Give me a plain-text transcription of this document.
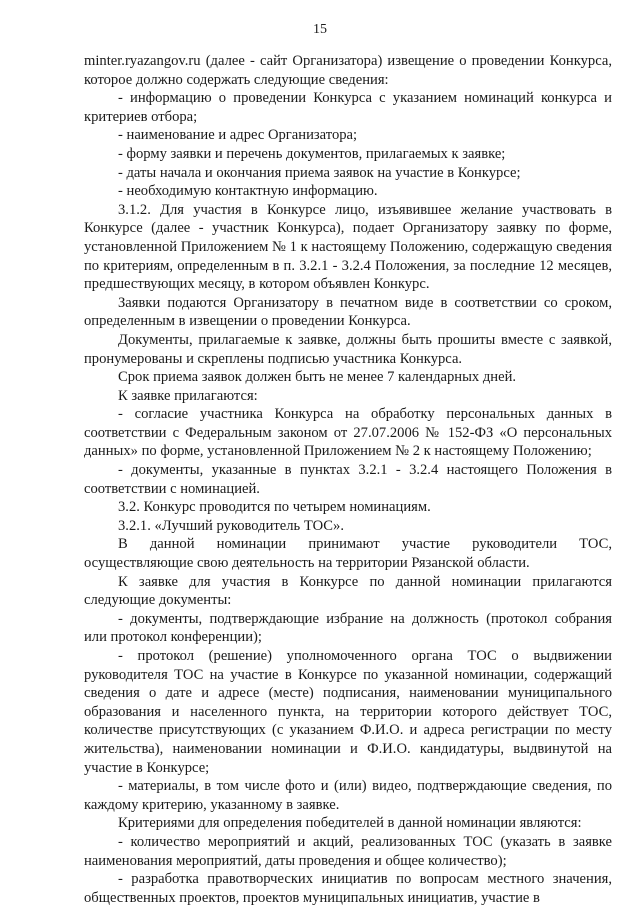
15

minter.ryazangov.ru (далее - сайт Организатора) извещение о проведении Конкурса, которое должно содержать следующие сведения:

- информацию о проведении Конкурса с указанием номинаций конкурса и критериев отбора;

- наименование и адрес Организатора;

- форму заявки и перечень документов, прилагаемых к заявке;

- даты начала и окончания приема заявок на участие в Конкурсе;

- необходимую контактную информацию.

3.1.2. Для участия в Конкурсе лицо, изъявившее желание участвовать в Конкурсе (далее - участник Конкурса), подает Организатору заявку по форме, установленной Приложением № 1 к настоящему Положению, содержащую сведения по критериям, определенным в п. 3.2.1 - 3.2.4 Положения, за последние 12 месяцев, предшествующих месяцу, в котором объявлен Конкурс.

Заявки подаются Организатору в печатном виде в соответствии со сроком, определенным в извещении о проведении Конкурса.

Документы, прилагаемые к заявке, должны быть прошиты вместе с заявкой, пронумерованы и скреплены подписью участника Конкурса.

Срок приема заявок должен быть не менее 7 календарных дней.

К заявке прилагаются:

- согласие участника Конкурса на обработку персональных данных в соответствии с Федеральным законом от 27.07.2006 № 152-ФЗ «О персональных данных» по форме, установленной Приложением № 2 к настоящему Положению;

- документы, указанные в пунктах 3.2.1 - 3.2.4 настоящего Положения в соответствии с номинацией.

3.2. Конкурс проводится по четырем номинациям.

3.2.1. «Лучший руководитель ТОС».

В данной номинации принимают участие руководители ТОС, осуществляющие свою деятельность на территории Рязанской области.

К заявке для участия в Конкурсе по данной номинации прилагаются следующие документы:

- документы, подтверждающие избрание на должность (протокол собрания или протокол конференции);

- протокол (решение) уполномоченного органа ТОС о выдвижении руководителя ТОС на участие в Конкурсе по указанной номинации, содержащий сведения о дате и адресе (месте) подписания, наименовании муниципального образования и населенного пункта, на территории которого действует ТОС, количестве присутствующих (с указанием Ф.И.О. и адреса регистрации по месту жительства), наименовании номинации и Ф.И.О. кандидатуры, выдвинутой на участие в Конкурсе;

- материалы, в том числе фото и (или) видео, подтверждающие сведения, по каждому критерию, указанному в заявке.

Критериями для определения победителей в данной номинации являются:

- количество мероприятий и акций, реализованных ТОС (указать в заявке наименования мероприятий, даты проведения и общее количество);

- разработка правотворческих инициатив по вопросам местного значения, общественных проектов, проектов муниципальных инициатив, участие в
